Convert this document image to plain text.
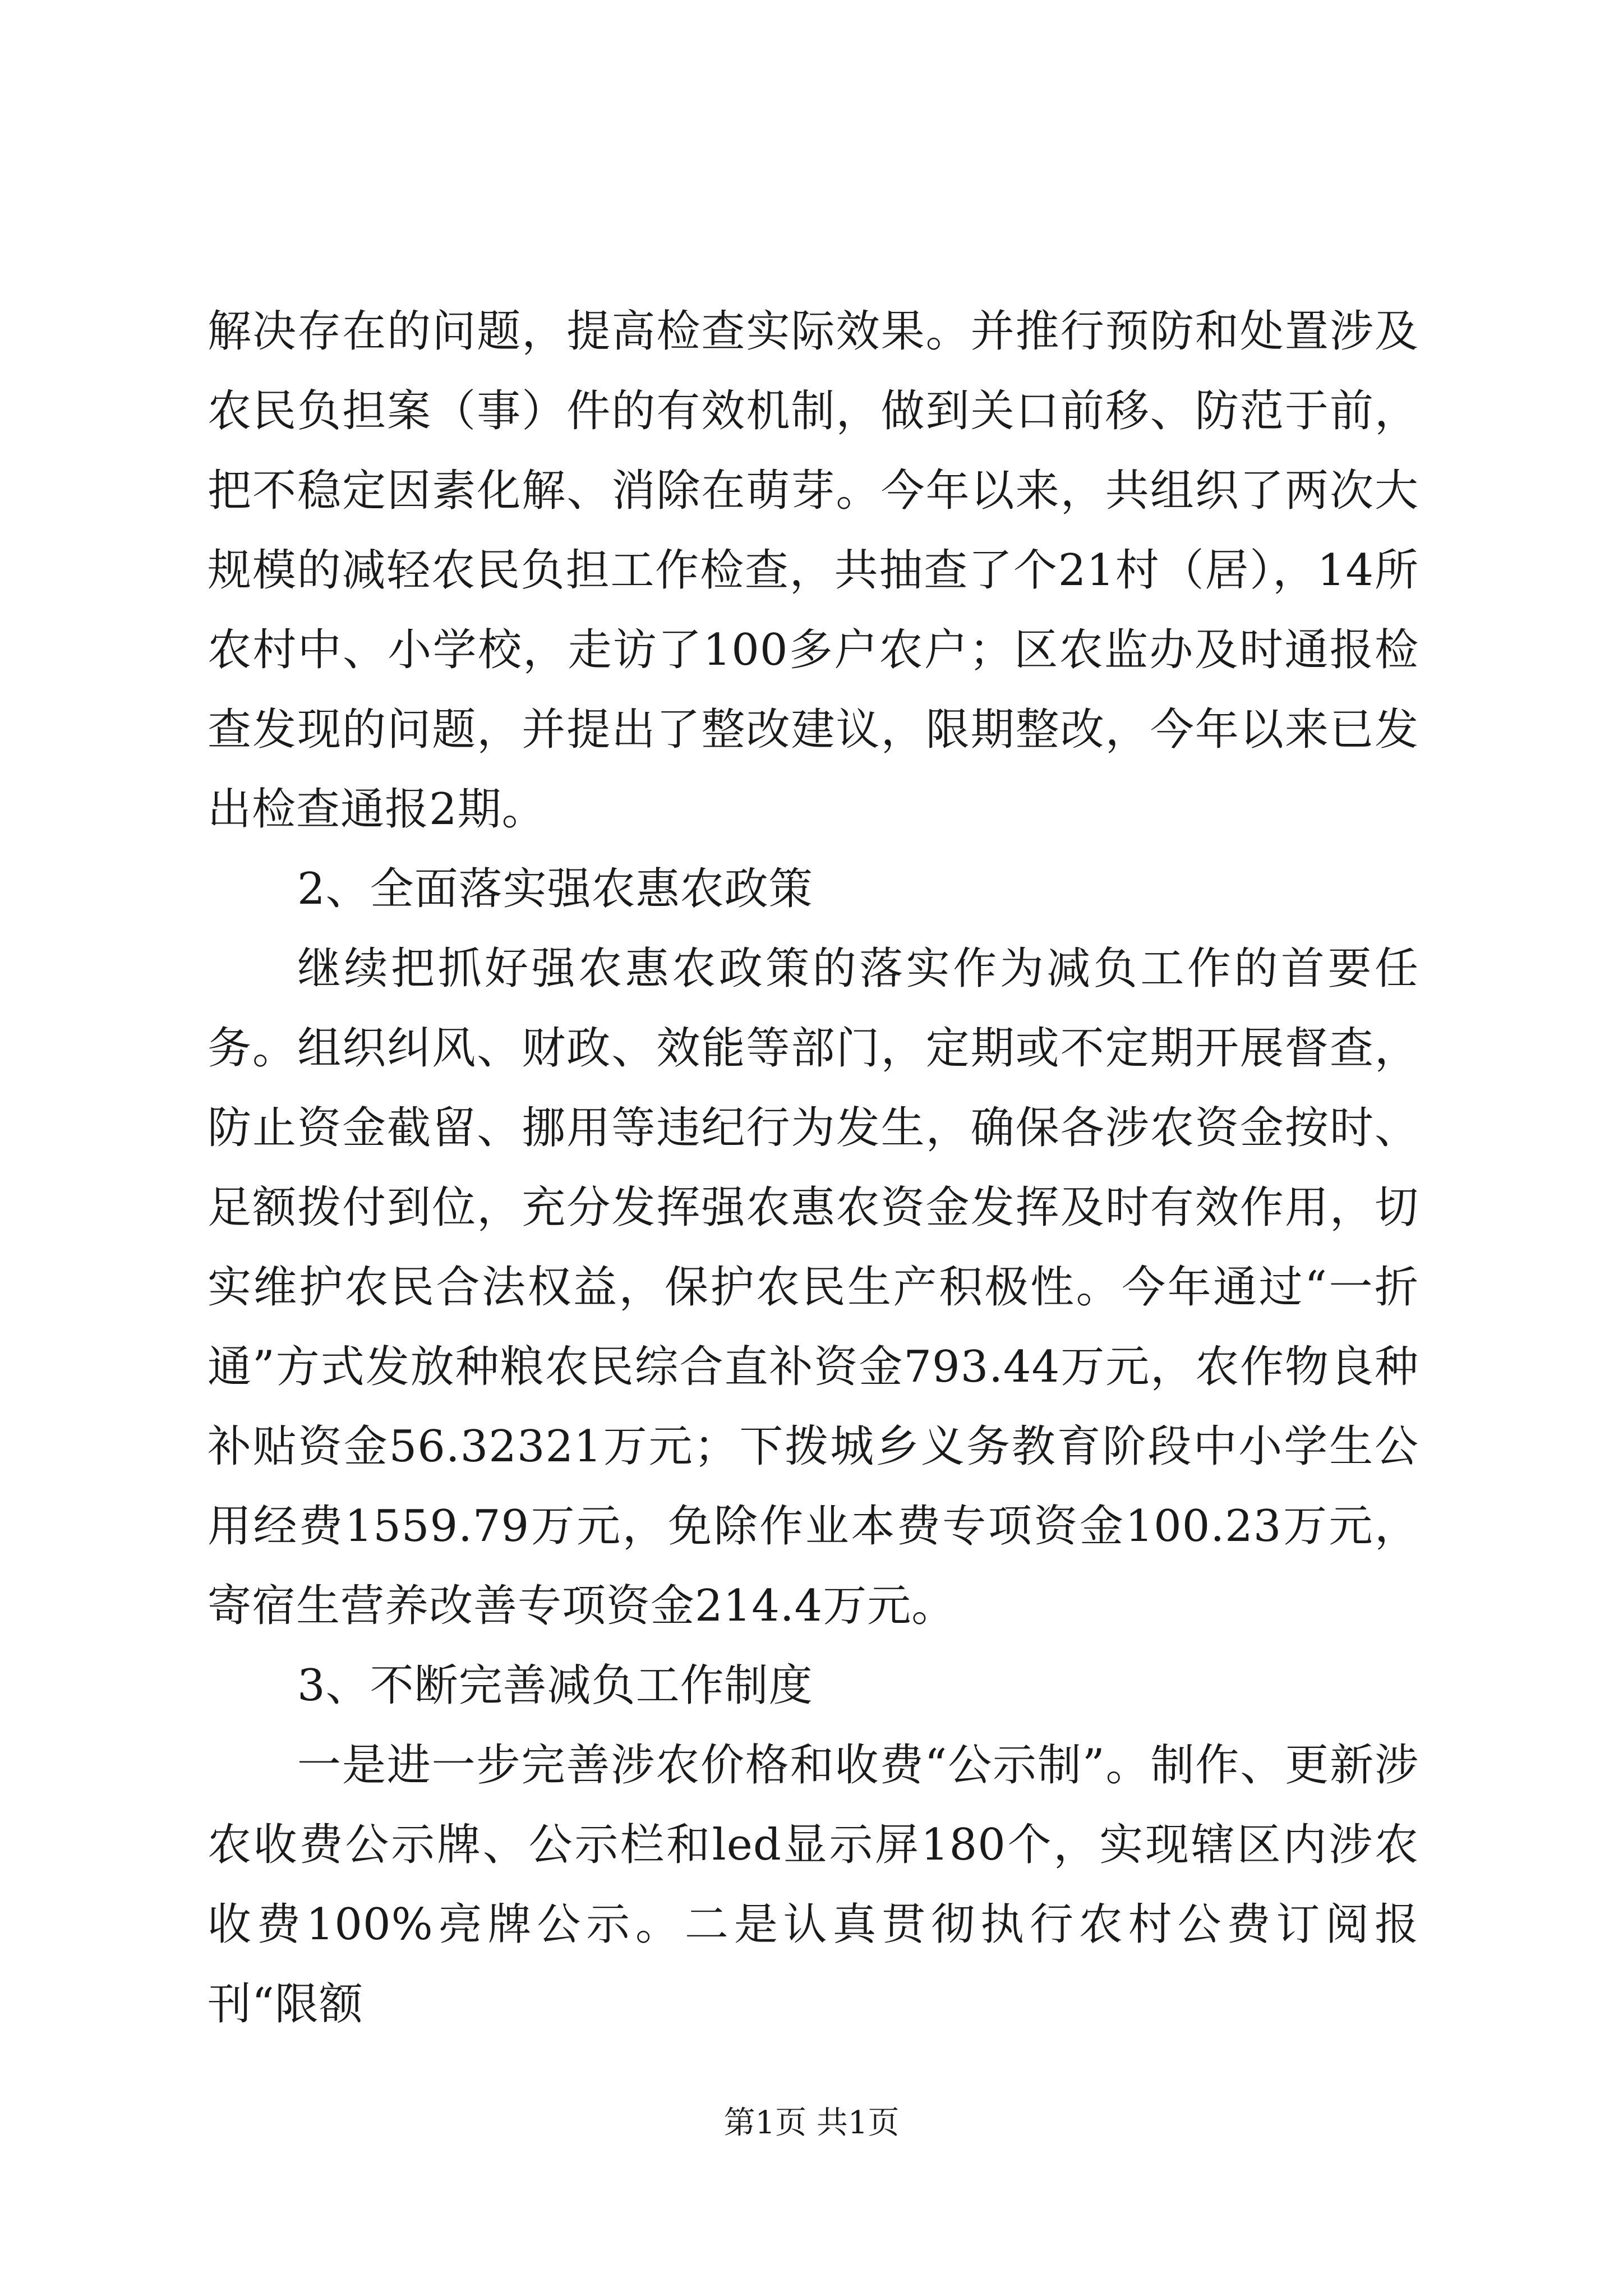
解决存在的问题，提高检查实际效果。并推行预防和处置涉及农民负担案（事）件的有效机制，做到关口前移、防范于前，把不稳定因素化解、消除在萌芽。今年以来，共组织了两次大规模的减轻农民负担工作检查，共抽查了个21村（居），14所农村中、小学校，走访了100多户农户；区农监办及时通报检查发现的问题，并提出了整改建议，限期整改，今年以来已发出检查通报2期。

2、全面落实强农惠农政策

继续把抓好强农惠农政策的落实作为减负工作的首要任务。组织纠风、财政、效能等部门，定期或不定期开展督查，防止资金截留、挪用等违纪行为发生，确保各涉农资金按时、足额拨付到位，充分发挥强农惠农资金发挥及时有效作用，切实维护农民合法权益，保护农民生产积极性。今年通过“一折通”方式发放种粮农民综合直补资金793.44万元，农作物良种补贴资金56.32321万元；下拨城乡义务教育阶段中小学生公用经费1559.79万元，免除作业本费专项资金100.23万元，寄宿生营养改善专项资金214.4万元。

3、不断完善减负工作制度

一是进一步完善涉农价格和收费“公示制”。制作、更新涉农收费公示牌、公示栏和led显示屏180个，实现辖区内涉农收费100%亮牌公示。二是认真贯彻执行农村公费订阅报刊“限额

第1页 共1页
